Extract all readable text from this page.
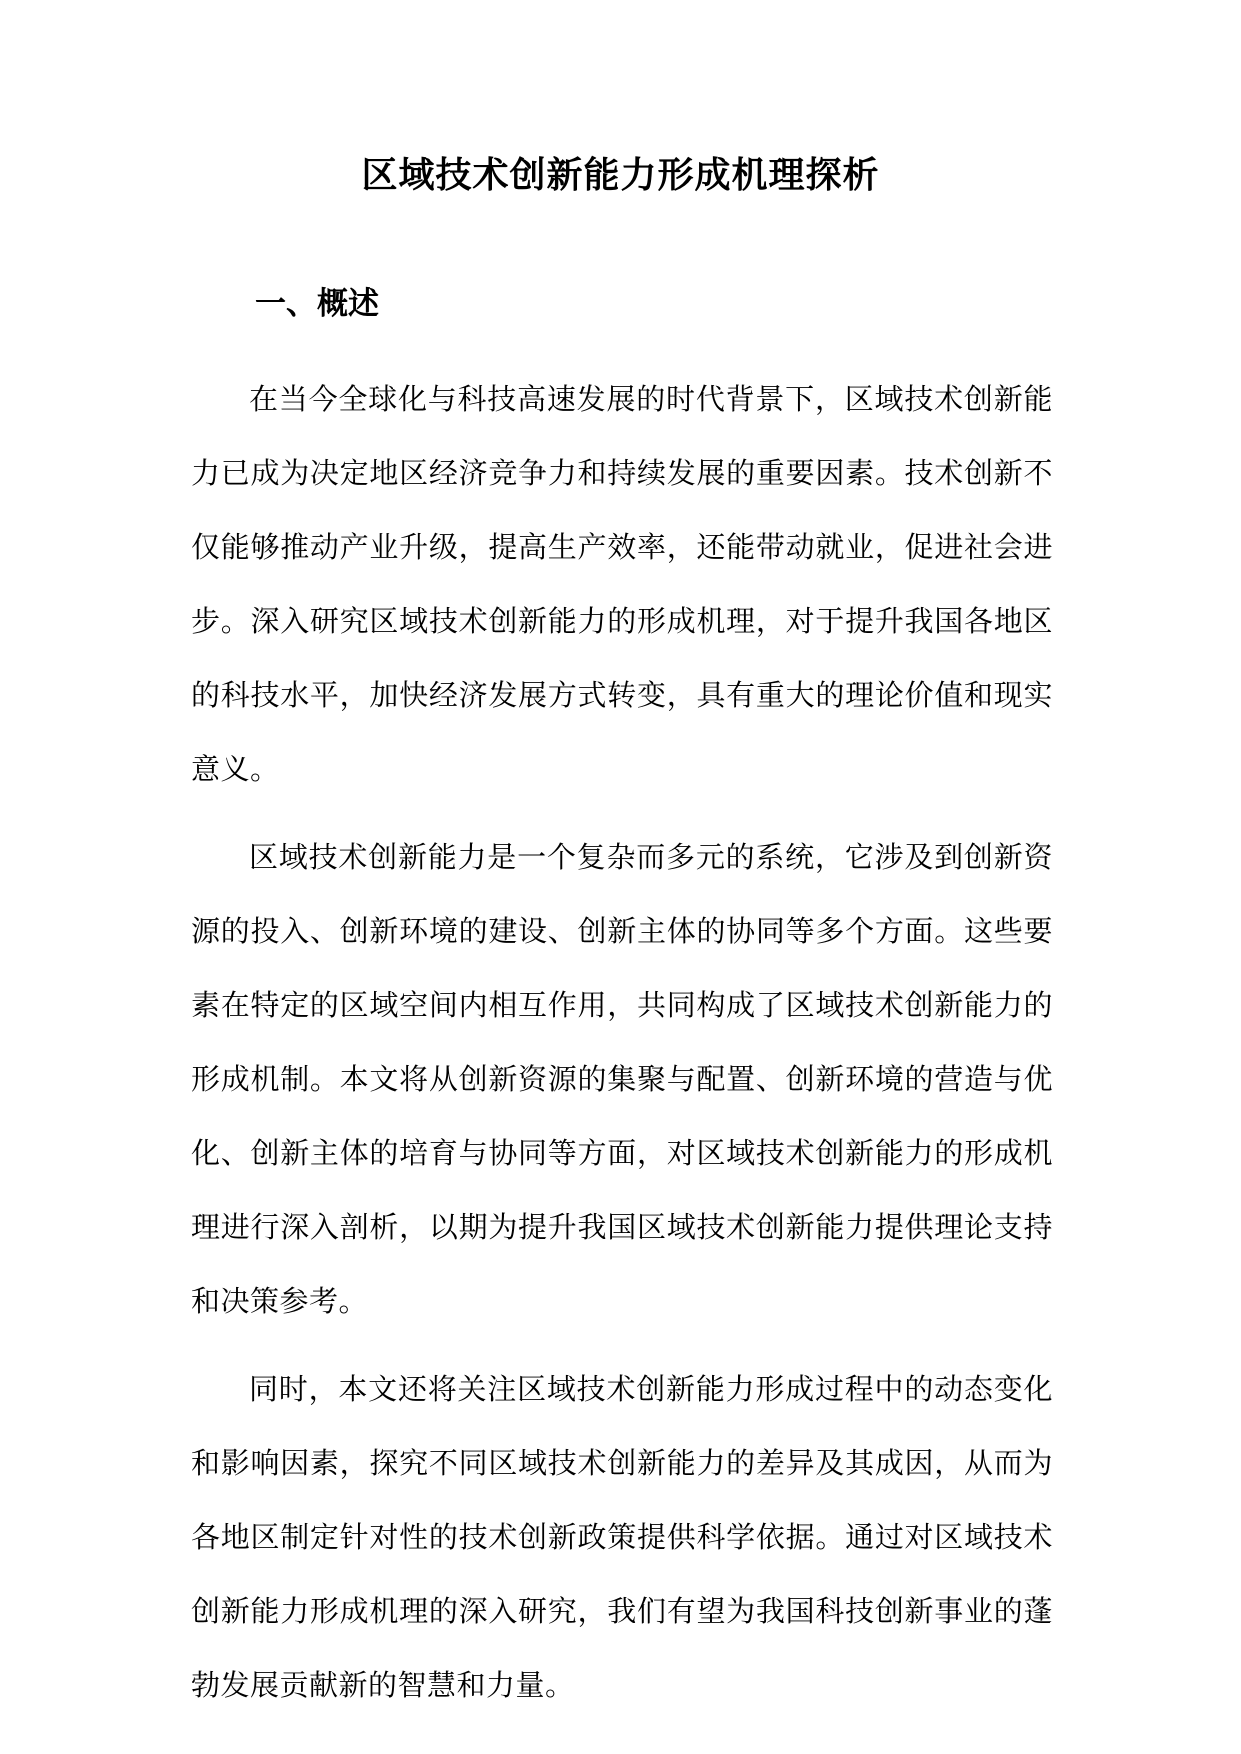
区域技术创新能力形成机理探析
一、概述

在当今全球化与科技高速发展的时代背景下，区域技术创新能力已成为决定地区经济竞争力和持续发展的重要因素。技术创新不仅能够推动产业升级，提高生产效率，还能带动就业，促进社会进步。深入研究区域技术创新能力的形成机理，对于提升我国各地区的科技水平，加快经济发展方式转变，具有重大的理论价值和现实意义。

区域技术创新能力是一个复杂而多元的系统，它涉及到创新资源的投入、创新环境的建设、创新主体的协同等多个方面。这些要素在特定的区域空间内相互作用，共同构成了区域技术创新能力的形成机制。本文将从创新资源的集聚与配置、创新环境的营造与优化、创新主体的培育与协同等方面，对区域技术创新能力的形成机理进行深入剖析，以期为提升我国区域技术创新能力提供理论支持和决策参考。

同时，本文还将关注区域技术创新能力形成过程中的动态变化和影响因素，探究不同区域技术创新能力的差异及其成因，从而为各地区制定针对性的技术创新政策提供科学依据。通过对区域技术创新能力形成机理的深入研究，我们有望为我国科技创新事业的蓬勃发展贡献新的智慧和力量。
